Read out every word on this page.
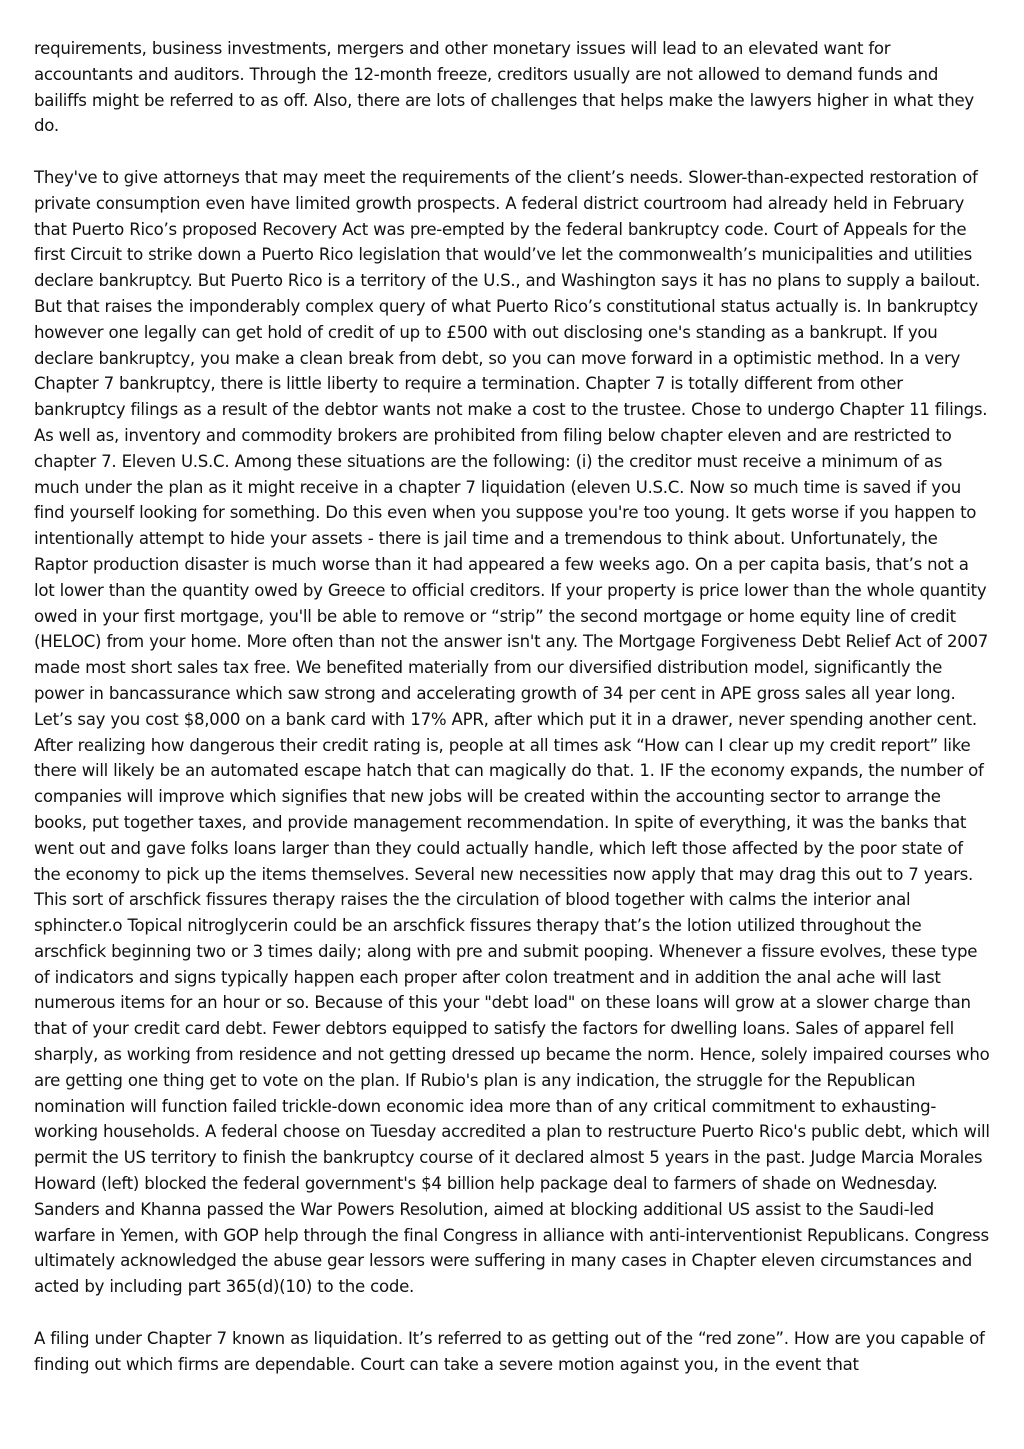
requirements, business investments, mergers and other monetary issues will lead to an elevated want for accountants and auditors. Through the 12-month freeze, creditors usually are not allowed to demand funds and bailiffs might be referred to as off. Also, there are lots of challenges that helps make the lawyers higher in what they do.

They've to give attorneys that may meet the requirements of the client’s needs. Slower-than-expected restoration of private consumption even have limited growth prospects. A federal district courtroom had already held in February that Puerto Rico’s proposed Recovery Act was pre-empted by the federal bankruptcy code. Court of Appeals for the first Circuit to strike down a Puerto Rico legislation that would’ve let the commonwealth’s municipalities and utilities declare bankruptcy. But Puerto Rico is a territory of the U.S., and Washington says it has no plans to supply a bailout. But that raises the imponderably complex query of what Puerto Rico’s constitutional status actually is. In bankruptcy however one legally can get hold of credit of up to £500 with out disclosing one's standing as a bankrupt. If you declare bankruptcy, you make a clean break from debt, so you can move forward in a optimistic method. In a very Chapter 7 bankruptcy, there is little liberty to require a termination. Chapter 7 is totally different from other bankruptcy filings as a result of the debtor wants not make a cost to the trustee. Chose to undergo Chapter 11 filings. As well as, inventory and commodity brokers are prohibited from filing below chapter eleven and are restricted to chapter 7. Eleven U.S.C. Among these situations are the following: (i) the creditor must receive a minimum of as much under the plan as it might receive in a chapter 7 liquidation (eleven U.S.C. Now so much time is saved if you find yourself looking for something. Do this even when you suppose you're too young. It gets worse if you happen to intentionally attempt to hide your assets - there is jail time and a tremendous to think about. Unfortunately, the Raptor production disaster is much worse than it had appeared a few weeks ago. On a per capita basis, that’s not a lot lower than the quantity owed by Greece to official creditors. If your property is price lower than the whole quantity owed in your first mortgage, you'll be able to remove or “strip” the second mortgage or home equity line of credit (HELOC) from your home. More often than not the answer isn't any. The Mortgage Forgiveness Debt Relief Act of 2007 made most short sales tax free. We benefited materially from our diversified distribution model, significantly the power in bancassurance which saw strong and accelerating growth of 34 per cent in APE gross sales all year long. Let’s say you cost $8,000 on a bank card with 17% APR, after which put it in a drawer, never spending another cent. After realizing how dangerous their credit rating is, people at all times ask “How can I clear up my credit report” like there will likely be an automated escape hatch that can magically do that. 1. IF the economy expands, the number of companies will improve which signifies that new jobs will be created within the accounting sector to arrange the books, put together taxes, and provide management recommendation. In spite of everything, it was the banks that went out and gave folks loans larger than they could actually handle, which left those affected by the poor state of the economy to pick up the items themselves. Several new necessities now apply that may drag this out to 7 years. This sort of arschfick fissures therapy raises the the circulation of blood together with calms the interior anal sphincter.o Topical nitroglycerin could be an arschfick fissures therapy that’s the lotion utilized throughout the arschfick beginning two or 3 times daily; along with pre and submit pooping. Whenever a fissure evolves, these type of indicators and signs typically happen each proper after colon treatment and in addition the anal ache will last numerous items for an hour or so. Because of this your "debt load" on these loans will grow at a slower charge than that of your credit card debt. Fewer debtors equipped to satisfy the factors for dwelling loans. Sales of apparel fell sharply, as working from residence and not getting dressed up became the norm. Hence, solely impaired courses who are getting one thing get to vote on the plan. If Rubio's plan is any indication, the struggle for the Republican nomination will function failed trickle-down economic idea more than of any critical commitment to exhausting-working households. A federal choose on Tuesday accredited a plan to restructure Puerto Rico's public debt, which will permit the US territory to finish the bankruptcy course of it declared almost 5 years in the past. Judge Marcia Morales Howard (left) blocked the federal government's $4 billion help package deal to farmers of shade on Wednesday. Sanders and Khanna passed the War Powers Resolution, aimed at blocking additional US assist to the Saudi-led warfare in Yemen, with GOP help through the final Congress in alliance with anti-interventionist Republicans. Congress ultimately acknowledged the abuse gear lessors were suffering in many cases in Chapter eleven circumstances and acted by including part 365(d)(10) to the code.

A filing under Chapter 7 known as liquidation. It’s referred to as getting out of the “red zone”. How are you capable of finding out which firms are dependable. Court can take a severe motion against you, in the event that
